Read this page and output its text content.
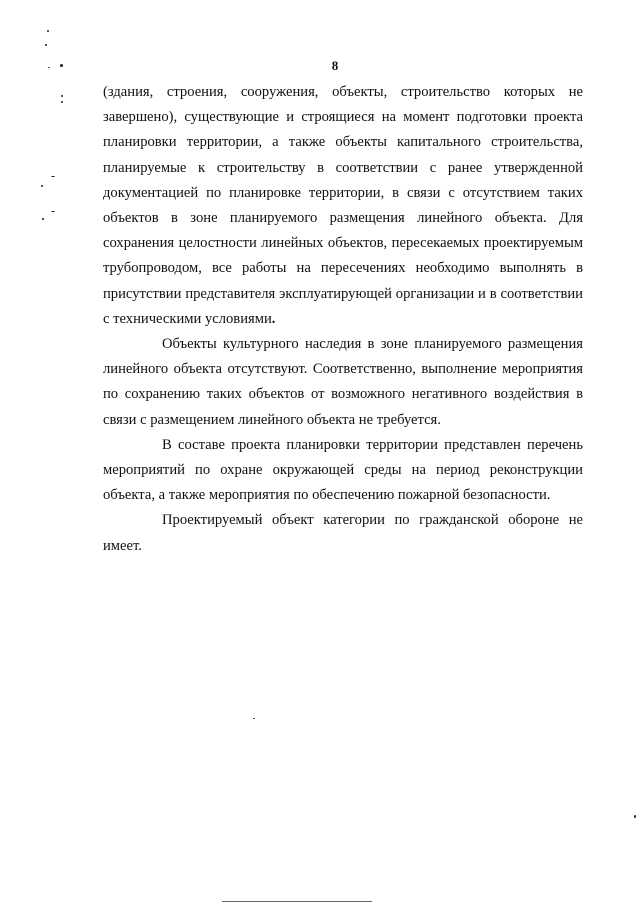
8

(здания, строения, сооружения, объекты, строительство которых не завершено), существующие и строящиеся на момент подготовки проекта планировки территории, а также объекты капитального строительства, планируемые к строительству в соответствии с ранее утвержденной документацией по планировке территории, в связи с отсутствием таких объектов в зоне планируемого размещения линейного объекта. Для сохранения целостности линейных объектов, пересекаемых проектируемым трубопроводом, все работы на пересечениях необходимо выполнять в присутствии представителя эксплуатирующей организации и в соответствии с техническими условиями.

Объекты культурного наследия в зоне планируемого размещения линейного объекта отсутствуют. Соответственно, выполнение мероприятия по сохранению таких объектов от возможного негативного воздействия в связи с размещением линейного объекта не требуется.

В составе проекта планировки территории представлен перечень мероприятий по охране окружающей среды на период реконструкции объекта, а также мероприятия по обеспечению пожарной безопасности.

Проектируемый объект категории по гражданской обороне не имеет.
